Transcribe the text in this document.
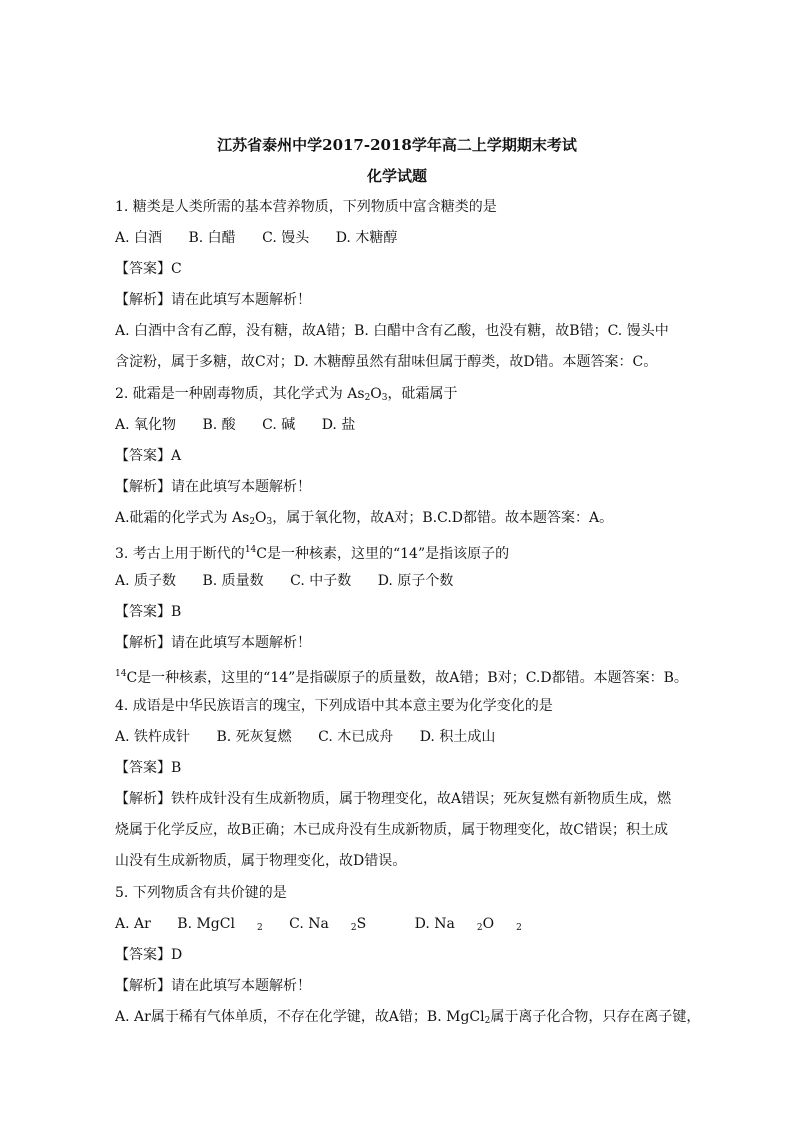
江苏省泰州中学2017-2018学年高二上学期期末考试
化学试题
1. 糖类是人类所需的基本营养物质，下列物质中富含糖类的是
A. 白酒 B. 白醋 C. 馒头 D. 木糖醇
【答案】C
【解析】请在此填写本题解析！
A. 白酒中含有乙醇，没有糖，故A错；B. 白醋中含有乙酸，也没有糖，故B错；C. 馒头中
含淀粉，属于多糖，故C对；D. 木糖醇虽然有甜味但属于醇类，故D错。本题答案：C。
2. 砒霜是一种剧毒物质，其化学式为 $As_2O_3$，砒霜属于
A. 氧化物 B. 酸 C. 碱 D. 盐
【答案】A
【解析】请在此填写本题解析！
A.砒霜的化学式为 $As_2O_3$，属于氧化物，故A对；B.C.D都错。故本题答案：A。
3. 考古上用于断代的$^{14}$C是一种核素，这里的“14”是指该原子的
A. 质子数 B. 质量数 C. 中子数 D. 原子个数
【答案】B
【解析】请在此填写本题解析！
$^{14}$C是一种核素，这里的“14”是指碳原子的质量数，故A错；B对；C.D都错。本题答案：B。
4. 成语是中华民族语言的瑰宝，下列成语中其本意主要为化学变化的是
A. 铁杵成针 B. 死灰复燃 C. 木已成舟 D. 积土成山
【答案】B
【解析】铁杵成针没有生成新物质，属于物理变化，故A错误；死灰复燃有新物质生成，燃
烧属于化学反应，故B正确；木已成舟没有生成新物质，属于物理变化，故C错误；积土成
山没有生成新物质，属于物理变化，故D错误。
5. 下列物质含有共价键的是
A. Ar B. MgCl $_2$ C. Na $_2$S	D. Na $_2$O $_2$
【答案】D
【解析】请在此填写本题解析！
A. Ar属于稀有气体单质，不存在化学键，故A错；B. MgCl$_2$属于离子化合物，只存在离子键，
